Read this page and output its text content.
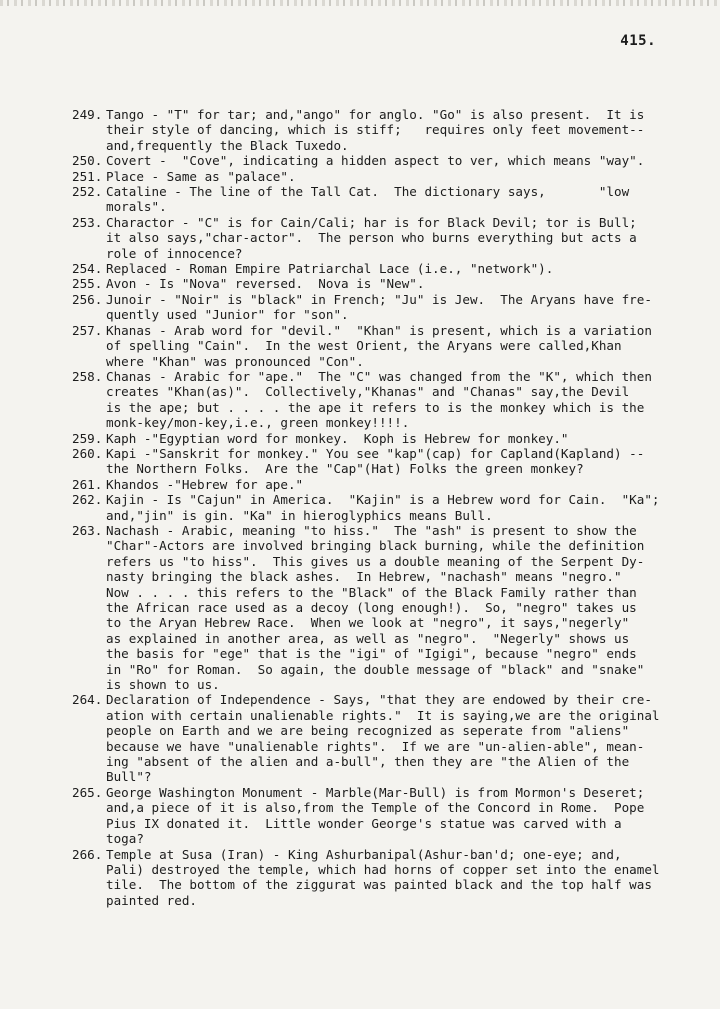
415.
249. Tango - "T" for tar; and,"ango" for anglo. "Go" is also present.  It is
their style of dancing, which is stiff;   requires only feet movement--
and,frequently the Black Tuxedo.
250. Covert -  "Cove", indicating a hidden aspect to ver, which means "way".
251. Place - Same as "palace".
252. Cataline - The line of the Tall Cat.  The dictionary says,       "low
morals".
253. Charactor - "C" is for Cain/Cali; har is for Black Devil; tor is Bull;
it also says,"char-actor".  The person who burns everything but acts a
role of innocence?
254. Replaced - Roman Empire Patriarchal Lace (i.e., "network").
255. Avon - Is "Nova" reversed.  Nova is "New".
256. Junoir - "Noir" is "black" in French; "Ju" is Jew.  The Aryans have fre-
quently used "Junior" for "son".
257. Khanas - Arab word for "devil."  "Khan" is present, which is a variation
of spelling "Cain".  In the west Orient, the Aryans were called,Khan
where "Khan" was pronounced "Con".
258. Chanas - Arabic for "ape."  The "C" was changed from the "K", which then
creates "Khan(as)".  Collectively,"Khanas" and "Chanas" say,the Devil
is the ape; but . . . . the ape it refers to is the monkey which is the
monk-key/mon-key,i.e., green monkey!!!!.
259. Kaph -"Egyptian word for monkey.  Koph is Hebrew for monkey."
260. Kapi -"Sanskrit for monkey." You see "kap"(cap) for Capland(Kapland) --
the Northern Folks.  Are the "Cap"(Hat) Folks the green monkey?
261. Khandos -"Hebrew for ape."
262. Kajin - Is "Cajun" in America.  "Kajin" is a Hebrew word for Cain.  "Ka";
and,"jin" is gin. "Ka" in hieroglyphics means Bull.
263. Nachash - Arabic, meaning "to hiss."  The "ash" is present to show the
"Char"-Actors are involved bringing black burning, while the definition
refers us "to hiss".  This gives us a double meaning of the Serpent Dy-
nasty bringing the black ashes.  In Hebrew, "nachash" means "negro."
Now . . . . this refers to the "Black" of the Black Family rather than
the African race used as a decoy (long enough!).  So, "negro" takes us
to the Aryan Hebrew Race.  When we look at "negro", it says,"negerly"
as explained in another area, as well as "negro".  "Negerly" shows us
the basis for "ege" that is the "igi" of "Igigi", because "negro" ends
in "Ro" for Roman.  So again, the double message of "black" and "snake"
is shown to us.
264. Declaration of Independence - Says, "that they are endowed by their cre-
ation with certain unalienable rights."  It is saying,we are the original
people on Earth and we are being recognized as seperate from "aliens"
because we have "unalienable rights".  If we are "un-alien-able", mean-
ing "absent of the alien and a-bull", then they are "the Alien of the
Bull"?
265. George Washington Monument - Marble(Mar-Bull) is from Mormon's Deseret;
and,a piece of it is also,from the Temple of the Concord in Rome.  Pope
Pius IX donated it.  Little wonder George's statue was carved with a
toga?
266. Temple at Susa (Iran) - King Ashurbanipal(Ashur-ban'd; one-eye; and,
Pali) destroyed the temple, which had horns of copper set into the enamel
tile.  The bottom of the ziggurat was painted black and the top half was
painted red.
